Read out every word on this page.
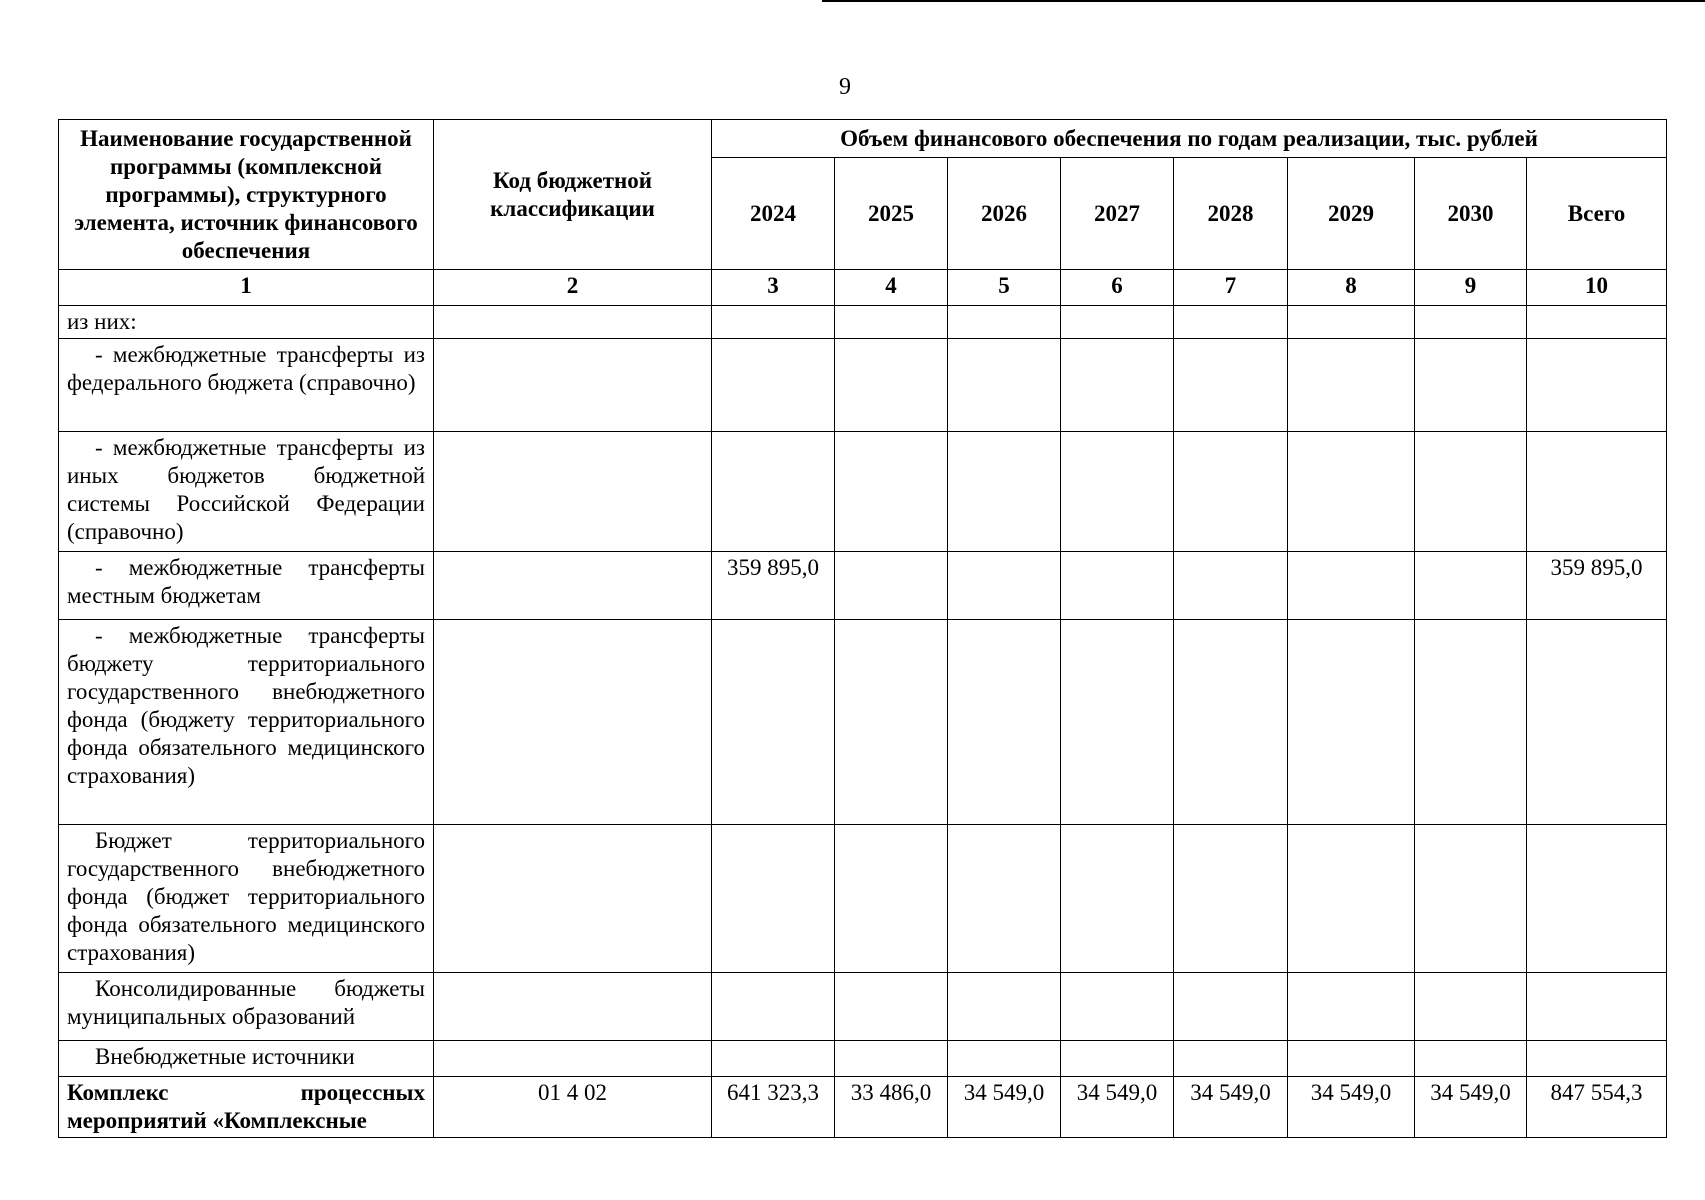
9
Наименование государственной программы (комплексной программы), структурного элемента, источник финансового обеспечения	Код бюджетной классификации	Объем финансового обеспечения по годам реализации, тыс. рублей							
		2024	2025	2026	2027	2028	2029	2030	Всего
1	2	3	4	5	6	7	8	9	10
из них:									
- межбюджетные трансферты из федерального бюджета (справочно)									
- межбюджетные трансферты из иных бюджетов бюджетной системы Российской Федерации (справочно)									
- межбюджетные трансферты местным бюджетам		359 895,0							359 895,0
- межбюджетные трансферты бюджету территориального государственного внебюджетного фонда (бюджету территориального фонда обязательного медицинского страхования)									
Бюджет территориального государственного внебюджетного фонда (бюджет территориального фонда обязательного медицинского страхования)									
Консолидированные бюджеты муниципальных образований									
Внебюджетные источники									
Комплекс процессных мероприятий «Комплексные	01 4 02	641 323,3	33 486,0	34 549,0	34 549,0	34 549,0	34 549,0	34 549,0	847 554,3
